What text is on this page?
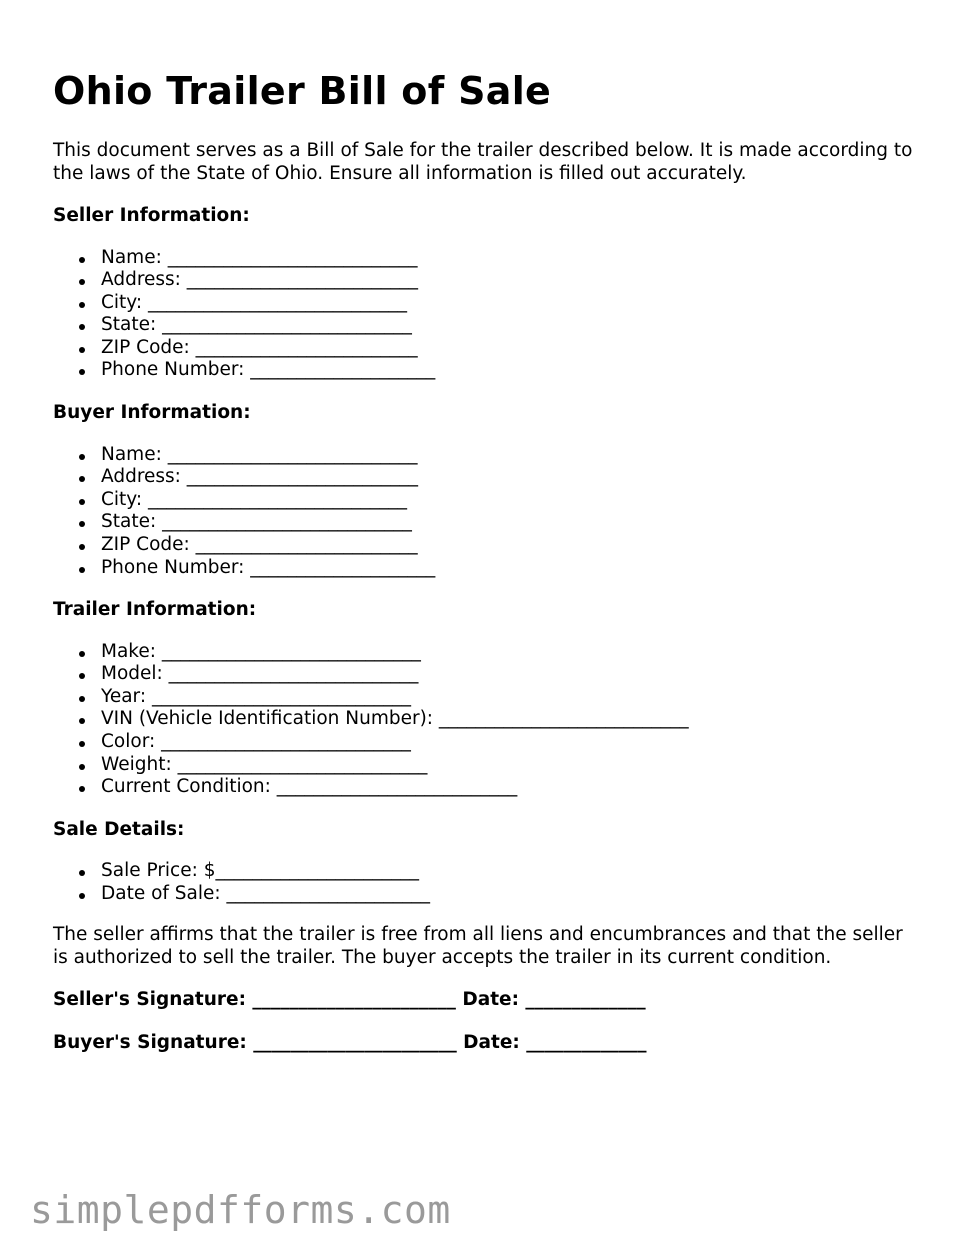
Ohio Trailer Bill of Sale

This document serves as a Bill of Sale for the trailer described below. It is made according to the laws of the State of Ohio. Ensure all information is filled out accurately.

Seller Information:
Name: ___________________________
Address: _________________________
City: ____________________________
State: ___________________________
ZIP Code: ________________________
Phone Number: ____________________
Buyer Information:
Name: ___________________________
Address: _________________________
City: ____________________________
State: ___________________________
ZIP Code: ________________________
Phone Number: ____________________
Trailer Information:
Make: ____________________________
Model: ___________________________
Year: ____________________________
VIN (Vehicle Identification Number): ___________________________
Color: ___________________________
Weight: ___________________________
Current Condition: __________________________
Sale Details:
Sale Price: $______________________
Date of Sale: ______________________

The seller affirms that the trailer is free from all liens and encumbrances and that the seller is authorized to sell the trailer. The buyer accepts the trailer in its current condition.

Seller's Signature: ______________________ Date: _____________
Buyer's Signature: ______________________ Date: _____________
simplepdfforms.com
